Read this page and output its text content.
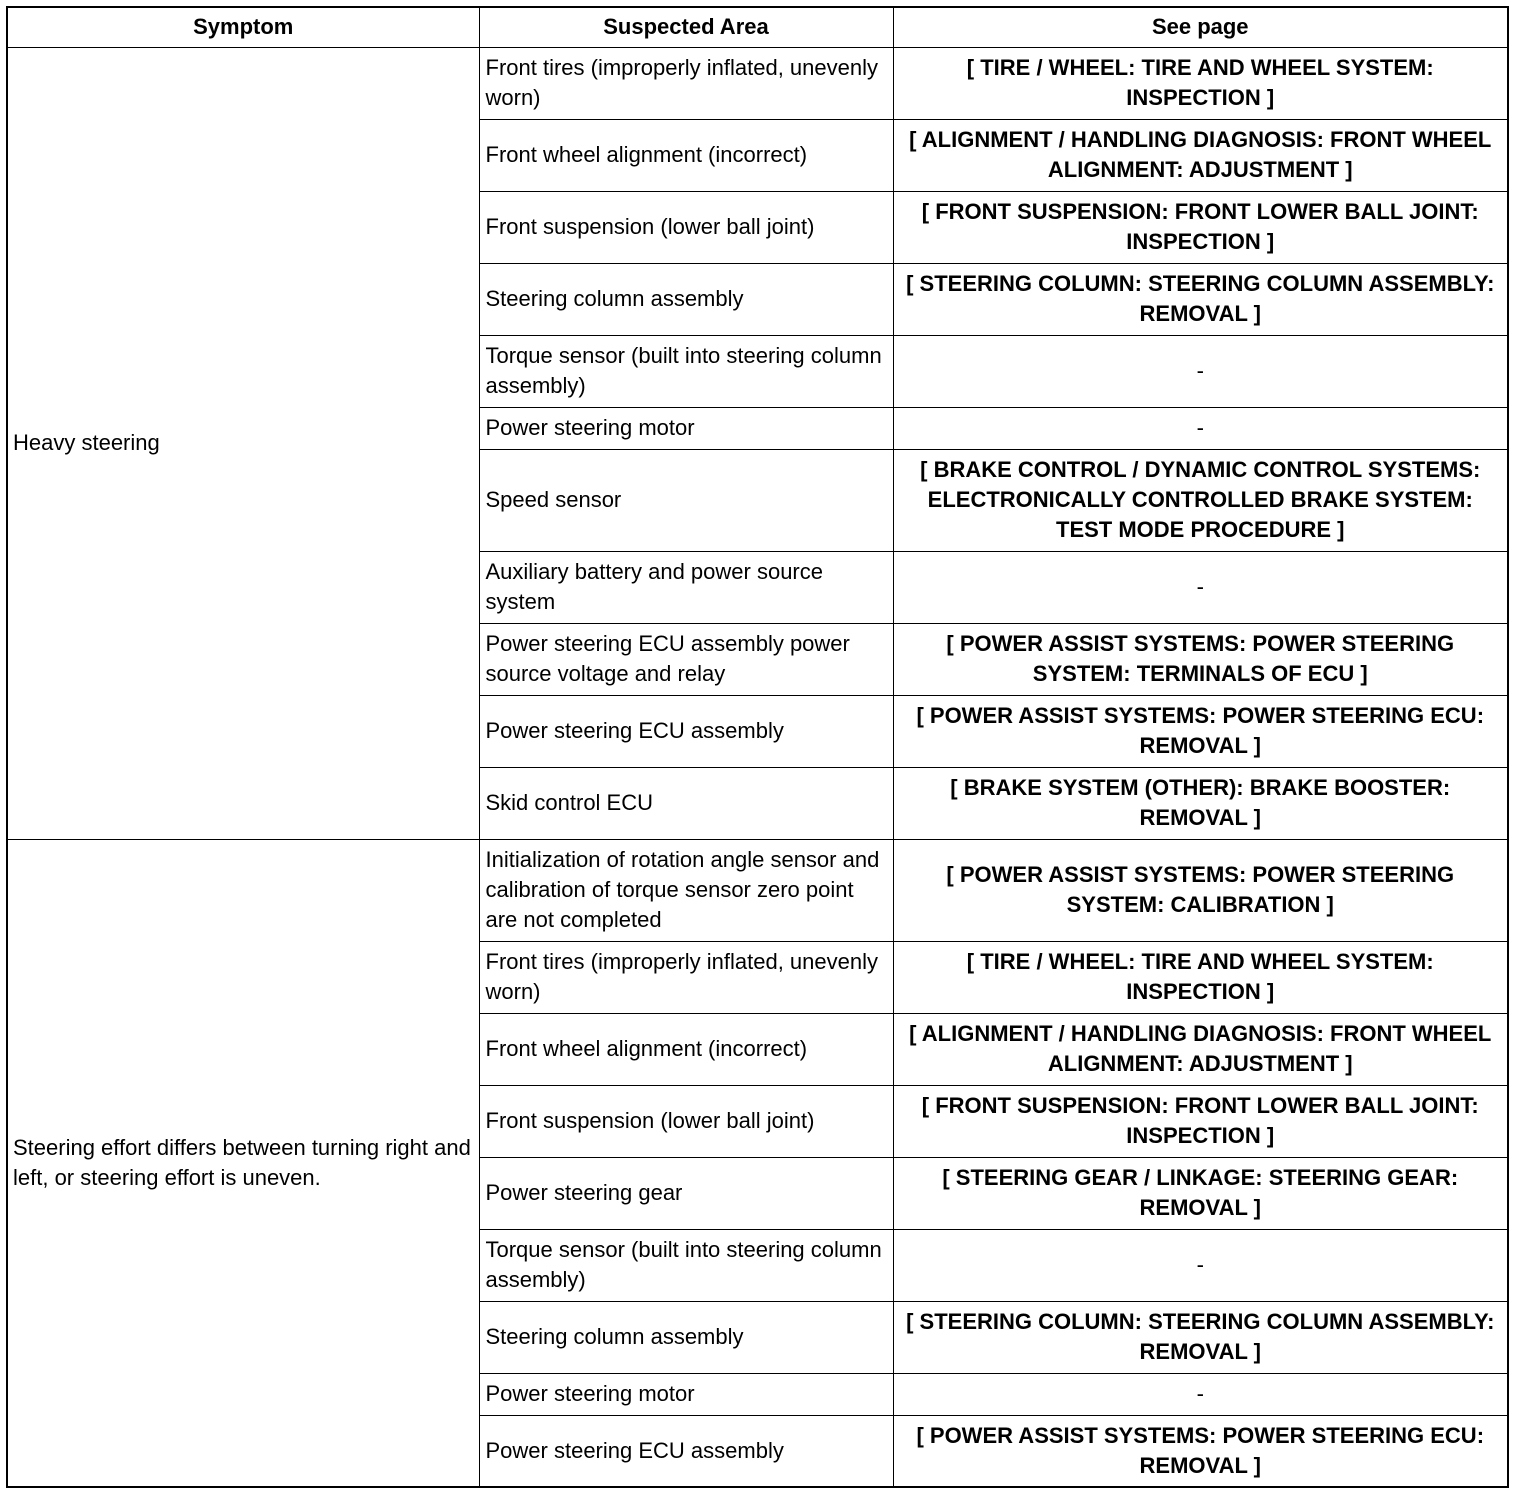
Symptom	Suspected Area	See page
Heavy steering	Front tires (improperly inflated, unevenly worn)	[ TIRE / WHEEL: TIRE AND WHEEL SYSTEM: INSPECTION ]
	Front wheel alignment (incorrect)	[ ALIGNMENT / HANDLING DIAGNOSIS: FRONT WHEEL ALIGNMENT: ADJUSTMENT ]
	Front suspension (lower ball joint)	[ FRONT SUSPENSION: FRONT LOWER BALL JOINT: INSPECTION ]
	Steering column assembly	[ STEERING COLUMN: STEERING COLUMN ASSEMBLY: REMOVAL ]
	Torque sensor (built into steering column assembly)	-
	Power steering motor	-
	Speed sensor	[ BRAKE CONTROL / DYNAMIC CONTROL SYSTEMS: ELECTRONICALLY CONTROLLED BRAKE SYSTEM: TEST MODE PROCEDURE ]
	Auxiliary battery and power source system	-
	Power steering ECU assembly power source voltage and relay	[ POWER ASSIST SYSTEMS: POWER STEERING SYSTEM: TERMINALS OF ECU ]
	Power steering ECU assembly	[ POWER ASSIST SYSTEMS: POWER STEERING ECU: REMOVAL ]
	Skid control ECU	[ BRAKE SYSTEM (OTHER): BRAKE BOOSTER: REMOVAL ]
Steering effort differs between turning right and left, or steering effort is uneven.	Initialization of rotation angle sensor and calibration of torque sensor zero point are not completed	[ POWER ASSIST SYSTEMS: POWER STEERING SYSTEM: CALIBRATION ]
	Front tires (improperly inflated, unevenly worn)	[ TIRE / WHEEL: TIRE AND WHEEL SYSTEM: INSPECTION ]
	Front wheel alignment (incorrect)	[ ALIGNMENT / HANDLING DIAGNOSIS: FRONT WHEEL ALIGNMENT: ADJUSTMENT ]
	Front suspension (lower ball joint)	[ FRONT SUSPENSION: FRONT LOWER BALL JOINT: INSPECTION ]
	Power steering gear	[ STEERING GEAR / LINKAGE: STEERING GEAR: REMOVAL ]
	Torque sensor (built into steering column assembly)	-
	Steering column assembly	[ STEERING COLUMN: STEERING COLUMN ASSEMBLY: REMOVAL ]
	Power steering motor	-
	Power steering ECU assembly	[ POWER ASSIST SYSTEMS: POWER STEERING ECU: REMOVAL ]
